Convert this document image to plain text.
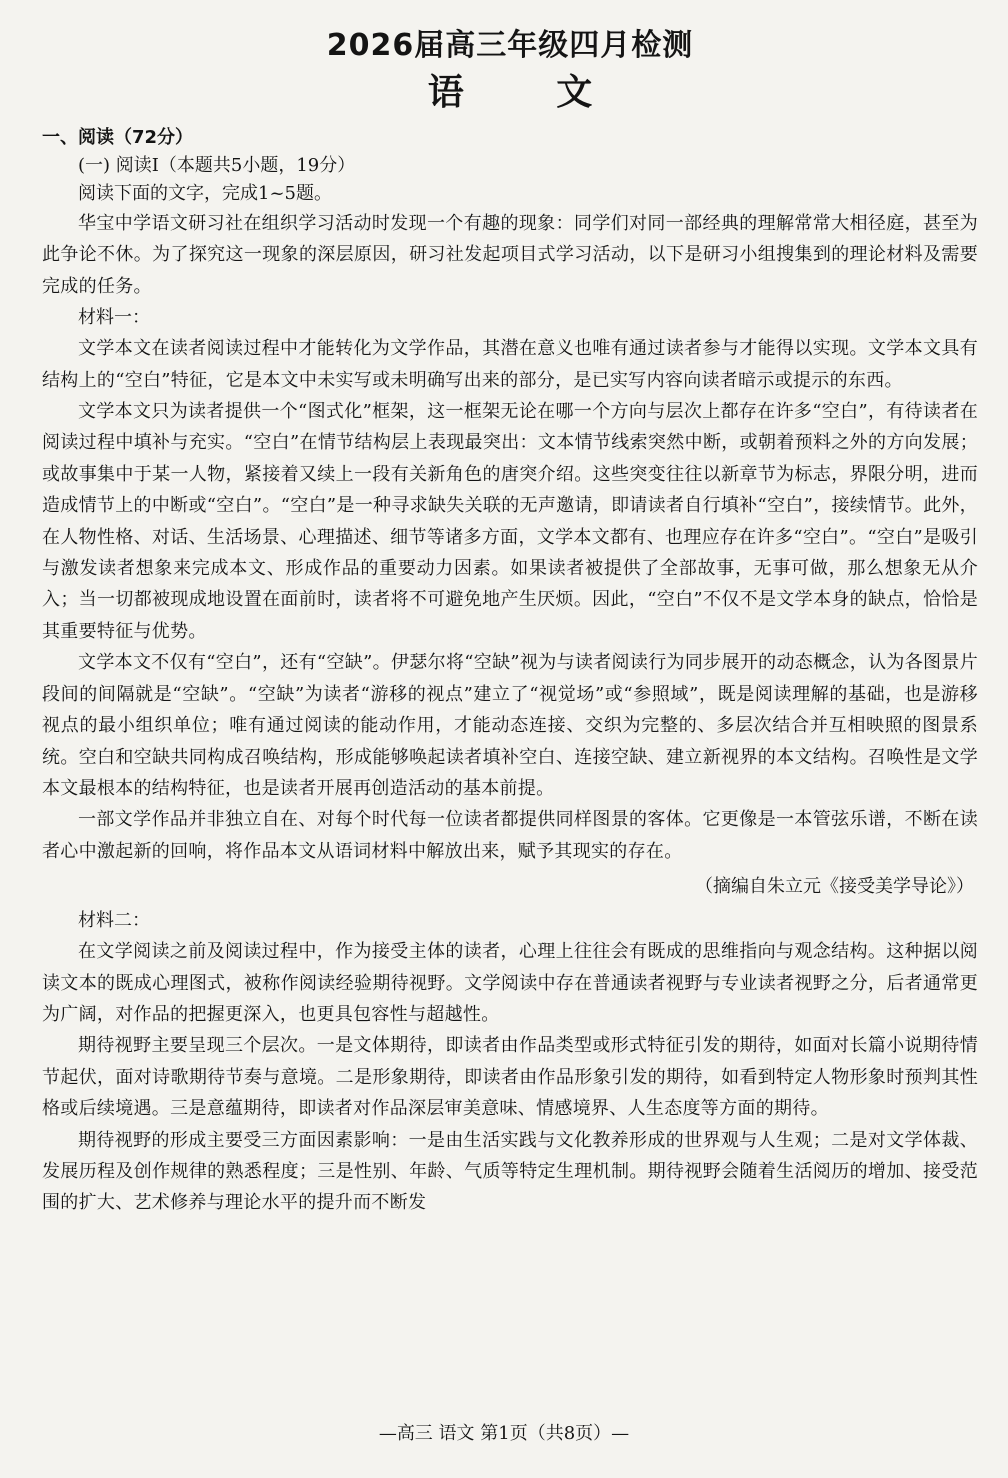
2026届高三年级四月检测
语 文

一、阅读（72分）

(一) 阅读I（本题共5小题，19分）

阅读下面的文字，完成1~5题。

华宝中学语文研习社在组织学习活动时发现一个有趣的现象：同学们对同一部经典的理解常常大相径庭，甚至为此争论不休。为了探究这一现象的深层原因，研习社发起项目式学习活动，以下是研习小组搜集到的理论材料及需要完成的任务。

材料一：

文学本文在读者阅读过程中才能转化为文学作品，其潜在意义也唯有通过读者参与才能得以实现。文学本文具有结构上的“空白”特征，它是本文中未实写或未明确写出来的部分，是已实写内容向读者暗示或提示的东西。

文学本文只为读者提供一个“图式化”框架，这一框架无论在哪一个方向与层次上都存在许多“空白”，有待读者在阅读过程中填补与充实。“空白”在情节结构层上表现最突出：文本情节线索突然中断，或朝着预料之外的方向发展；或故事集中于某一人物，紧接着又续上一段有关新角色的唐突介绍。这些突变往往以新章节为标志，界限分明，进而造成情节上的中断或“空白”。“空白”是一种寻求缺失关联的无声邀请，即请读者自行填补“空白”，接续情节。此外，在人物性格、对话、生活场景、心理描述、细节等诸多方面，文学本文都有、也理应存在许多“空白”。“空白”是吸引与激发读者想象来完成本文、形成作品的重要动力因素。如果读者被提供了全部故事，无事可做，那么想象无从介入；当一切都被现成地设置在面前时，读者将不可避免地产生厌烦。因此，“空白”不仅不是文学本身的缺点，恰恰是其重要特征与优势。

文学本文不仅有“空白”，还有“空缺”。伊瑟尔将“空缺”视为与读者阅读行为同步展开的动态概念，认为各图景片段间的间隔就是“空缺”。“空缺”为读者“游移的视点”建立了“视觉场”或“参照域”，既是阅读理解的基础，也是游移视点的最小组织单位；唯有通过阅读的能动作用，才能动态连接、交织为完整的、多层次结合并互相映照的图景系统。空白和空缺共同构成召唤结构，形成能够唤起读者填补空白、连接空缺、建立新视界的本文结构。召唤性是文学本文最根本的结构特征，也是读者开展再创造活动的基本前提。

一部文学作品并非独立自在、对每个时代每一位读者都提供同样图景的客体。它更像是一本管弦乐谱，不断在读者心中激起新的回响，将作品本文从语词材料中解放出来，赋予其现实的存在。

（摘编自朱立元《接受美学导论》）

材料二：

在文学阅读之前及阅读过程中，作为接受主体的读者，心理上往往会有既成的思维指向与观念结构。这种据以阅读文本的既成心理图式，被称作阅读经验期待视野。文学阅读中存在普通读者视野与专业读者视野之分，后者通常更为广阔，对作品的把握更深入，也更具包容性与超越性。

期待视野主要呈现三个层次。一是文体期待，即读者由作品类型或形式特征引发的期待，如面对长篇小说期待情节起伏，面对诗歌期待节奏与意境。二是形象期待，即读者由作品形象引发的期待，如看到特定人物形象时预判其性格或后续境遇。三是意蕴期待，即读者对作品深层审美意味、情感境界、人生态度等方面的期待。

期待视野的形成主要受三方面因素影响：一是由生活实践与文化教养形成的世界观与人生观；二是对文学体裁、发展历程及创作规律的熟悉程度；三是性别、年龄、气质等特定生理机制。期待视野会随着生活阅历的增加、接受范围的扩大、艺术修养与理论水平的提升而不断发

—高三 语文 第1页（共8页）—
